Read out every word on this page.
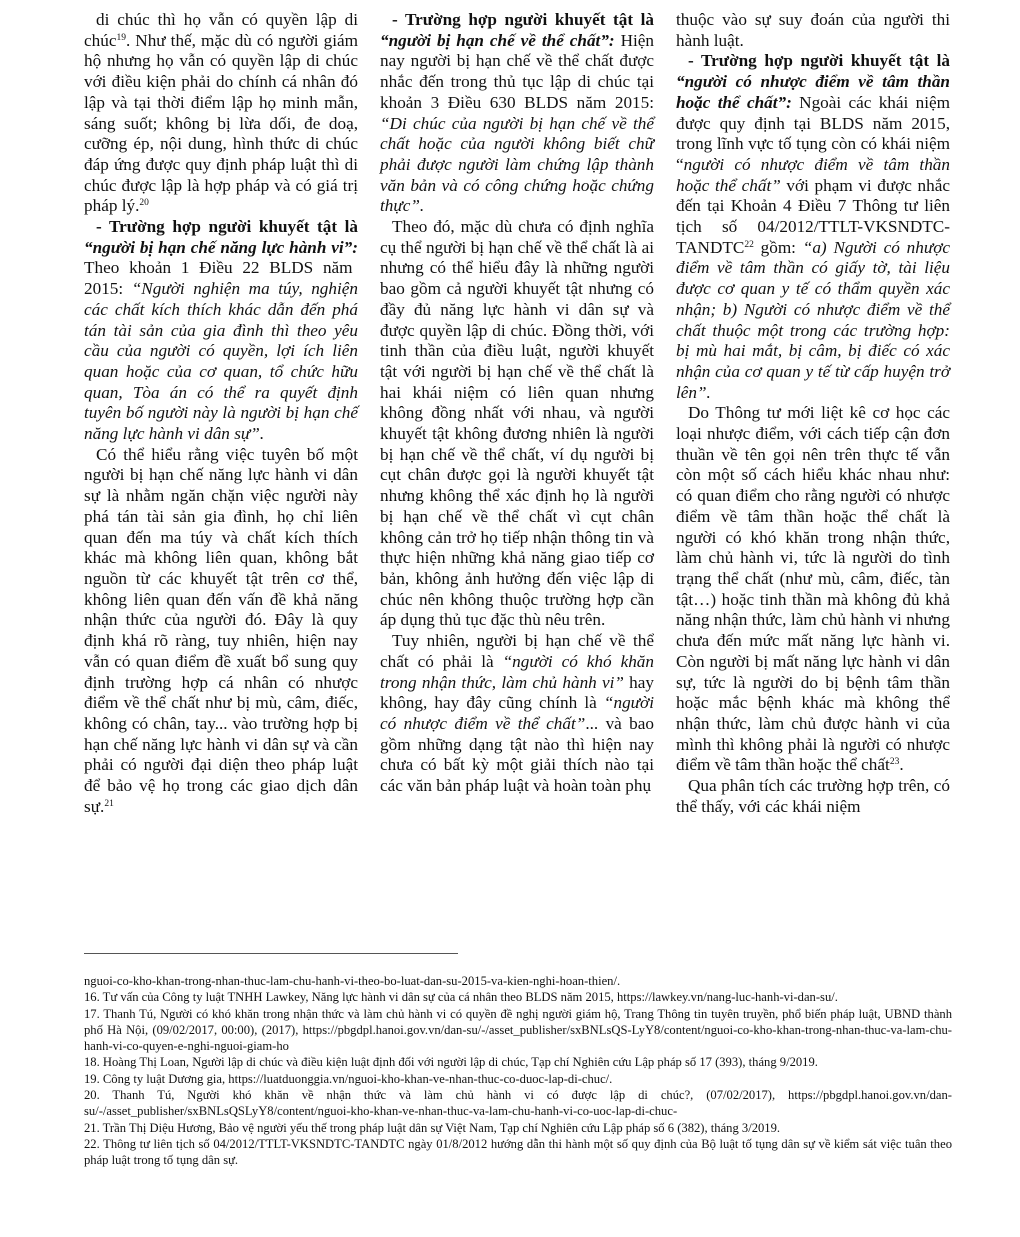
di chúc thì họ vẫn có quyền lập di chúc$^{19}$. Như thế, mặc dù có người giám hộ nhưng họ vẫn có quyền lập di chúc với điều kiện phải do chính cá nhân đó lập và tại thời điểm lập họ minh mẫn, sáng suốt; không bị lừa dối, đe doạ, cưỡng ép, nội dung, hình thức di chúc đáp ứng được quy định pháp luật thì di chúc được lập là hợp pháp và có giá trị pháp lý.$^{20}$

- Trường hợp người khuyết tật là “người bị hạn chế năng lực hành vi”: Theo khoản 1 Điều 22 BLDS năm 2015: “Người nghiện ma túy, nghiện các chất kích thích khác dẫn đến phá tán tài sản của gia đình thì theo yêu cầu của người có quyền, lợi ích liên quan hoặc của cơ quan, tổ chức hữu quan, Tòa án có thể ra quyết định tuyên bố người này là người bị hạn chế năng lực hành vi dân sự”.

Có thể hiểu rằng việc tuyên bố một người bị hạn chế năng lực hành vi dân sự là nhằm ngăn chặn việc người này phá tán tài sản gia đình, họ chỉ liên quan đến ma túy và chất kích thích khác mà không liên quan, không bắt nguồn từ các khuyết tật trên cơ thể, không liên quan đến vấn đề khả năng nhận thức của người đó. Đây là quy định khá rõ ràng, tuy nhiên, hiện nay vẫn có quan điểm đề xuất bổ sung quy định trường hợp cá nhân có nhược điểm về thể chất như bị mù, câm, điếc, không có chân, tay... vào trường hợp bị hạn chế năng lực hành vi dân sự và cần phải có người đại diện theo pháp luật để bảo vệ họ trong các giao dịch dân sự.$^{21}$

- Trường hợp người khuyết tật là “người bị hạn chế về thể chất”: Hiện nay người bị hạn chế về thể chất được nhắc đến trong thủ tục lập di chúc tại khoản 3 Điều 630 BLDS năm 2015: “Di chúc của người bị hạn chế về thể chất hoặc của người không biết chữ phải được người làm chứng lập thành văn bản và có công chứng hoặc chứng thực”.

Theo đó, mặc dù chưa có định nghĩa cụ thể người bị hạn chế về thể chất là ai nhưng có thể hiểu đây là những người bao gồm cả người khuyết tật nhưng có đầy đủ năng lực hành vi dân sự và được quyền lập di chúc. Đồng thời, với tinh thần của điều luật, người khuyết tật với người bị hạn chế về thể chất là hai khái niệm có liên quan nhưng không đồng nhất với nhau, và người khuyết tật không đương nhiên là người bị hạn chế về thể chất, ví dụ người bị cụt chân được gọi là người khuyết tật nhưng không thể xác định họ là người bị hạn chế về thể chất vì cụt chân không cản trở họ tiếp nhận thông tin và thực hiện những khả năng giao tiếp cơ bản, không ảnh hưởng đến việc lập di chúc nên không thuộc trường hợp cần áp dụng thủ tục đặc thù nêu trên.

Tuy nhiên, người bị hạn chế về thể chất có phải là “người có khó khăn trong nhận thức, làm chủ hành vi” hay không, hay đây cũng chính là “người có nhược điểm về thể chất”... và bao gồm những dạng tật nào thì hiện nay chưa có bất kỳ một giải thích nào tại các văn bản pháp luật và hoàn toàn phụ

thuộc vào sự suy đoán của người thi hành luật.

- Trường hợp người khuyết tật là “người có nhược điểm về tâm thần hoặc thể chất”: Ngoài các khái niệm được quy định tại BLDS năm 2015, trong lĩnh vực tố tụng còn có khái niệm “người có nhược điểm về tâm thần hoặc thể chất” với phạm vi được nhắc đến tại Khoản 4 Điều 7 Thông tư liên tịch số 04/2012/TTLT-VKSNDTC-TANDTC$^{22}$ gồm: “a) Người có nhược điểm về tâm thần có giấy tờ, tài liệu được cơ quan y tế có thẩm quyền xác nhận; b) Người có nhược điểm về thể chất thuộc một trong các trường hợp: bị mù hai mắt, bị câm, bị điếc có xác nhận của cơ quan y tế từ cấp huyện trở lên”.

Do Thông tư mới liệt kê cơ học các loại nhược điểm, với cách tiếp cận đơn thuần về tên gọi nên trên thực tế vẫn còn một số cách hiểu khác nhau như: có quan điểm cho rằng người có nhược điểm về tâm thần hoặc thể chất là người có khó khăn trong nhận thức, làm chủ hành vi, tức là người do tình trạng thể chất (như mù, câm, điếc, tàn tật…) hoặc tinh thần mà không đủ khả năng nhận thức, làm chủ hành vi nhưng chưa đến mức mất năng lực hành vi. Còn người bị mất năng lực hành vi dân sự, tức là người do bị bệnh tâm thần hoặc mắc bệnh khác mà không thể nhận thức, làm chủ được hành vi của mình thì không phải là người có nhược điểm về tâm thần hoặc thể chất$^{23}$.

Qua phân tích các trường hợp trên, có thể thấy, với các khái niệm

nguoi-co-kho-khan-trong-nhan-thuc-lam-chu-hanh-vi-theo-bo-luat-dan-su-2015-va-kien-nghi-hoan-thien/.

16. Tư vấn của Công ty luật TNHH Lawkey, Năng lực hành vi dân sự của cá nhân theo BLDS năm 2015, https://lawkey.vn/nang-luc-hanh-vi-dan-su/.

17. Thanh Tú, Người có khó khăn trong nhận thức và làm chủ hành vi có quyền đề nghị người giám hộ, Trang Thông tin tuyên truyền, phổ biến pháp luật, UBND thành phố Hà Nội, (09/02/2017, 00:00), (2017), https://pbgdpl.hanoi.gov.vn/dan-su/-/asset_publisher/sxBNLsQS-LyY8/content/nguoi-co-kho-khan-trong-nhan-thuc-va-lam-chu-hanh-vi-co-quyen-e-nghi-nguoi-giam-ho

18. Hoàng Thị Loan, Người lập di chúc và điều kiện luật định đối với người lập di chúc, Tạp chí Nghiên cứu Lập pháp số 17 (393), tháng 9/2019.

19. Công ty luật Dương gia, https://luatduonggia.vn/nguoi-kho-khan-ve-nhan-thuc-co-duoc-lap-di-chuc/.

20. Thanh Tú, Người khó khăn về nhận thức và làm chủ hành vi có được lập di chúc?, (07/02/2017), https://pbgdpl.hanoi.gov.vn/dan-su/-/asset_publisher/sxBNLsQSLyY8/content/nguoi-kho-khan-ve-nhan-thuc-va-lam-chu-hanh-vi-co-uoc-lap-di-chuc-

21. Trần Thị Diệu Hương, Bảo vệ người yếu thế trong pháp luật dân sự Việt Nam, Tạp chí Nghiên cứu Lập pháp số 6 (382), tháng 3/2019.

22. Thông tư liên tịch số 04/2012/TTLT-VKSNDTC-TANDTC ngày 01/8/2012 hướng dẫn thi hành một số quy định của Bộ luật tố tụng dân sự về kiểm sát việc tuân theo pháp luật trong tố tụng dân sự.
